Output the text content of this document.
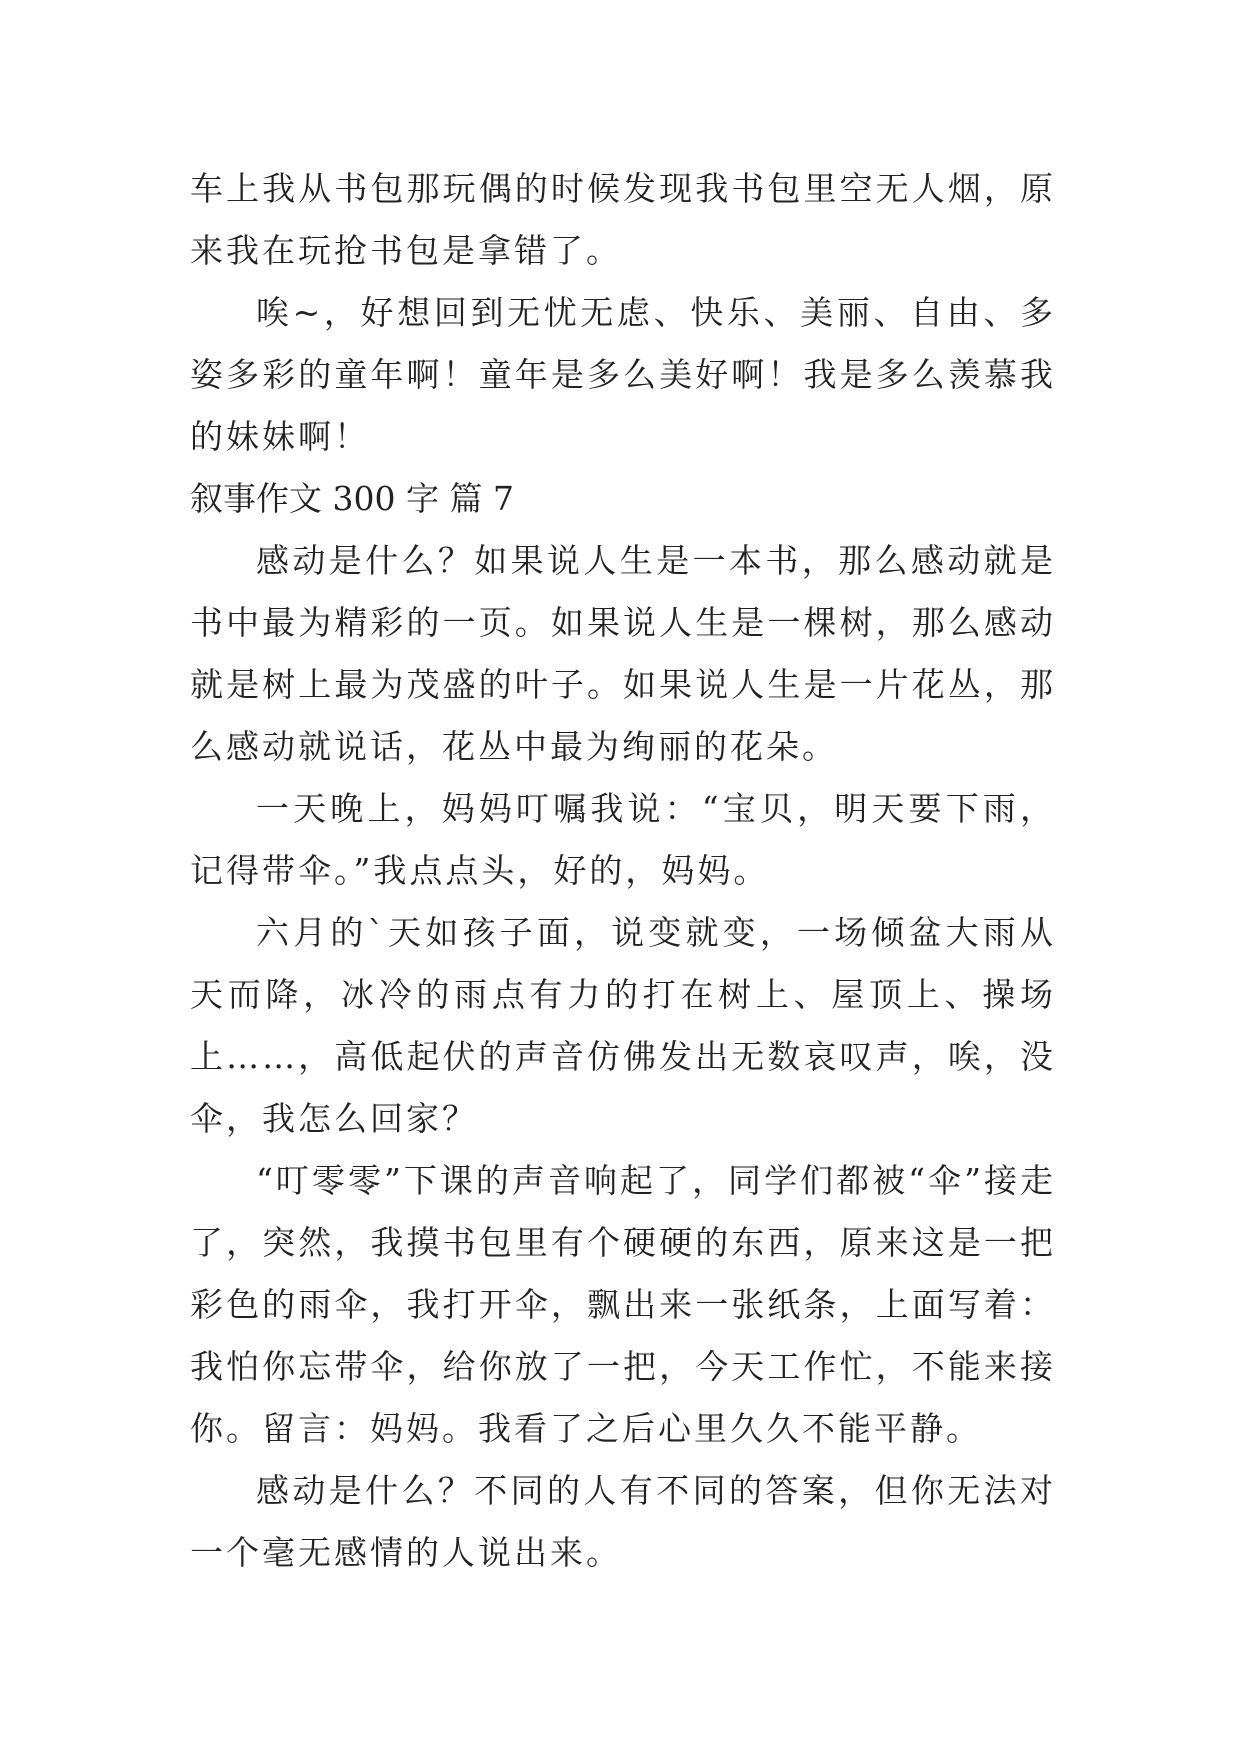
车上我从书包那玩偶的时候发现我书包里空无人烟，原来我在玩抢书包是拿错了。

唉~，好想回到无忧无虑、快乐、美丽、自由、多姿多彩的童年啊！童年是多么美好啊！我是多么羡慕我的妹妹啊！

叙事作文 300 字 篇 7

感动是什么？如果说人生是一本书，那么感动就是书中最为精彩的一页。如果说人生是一棵树，那么感动就是树上最为茂盛的叶子。如果说人生是一片花丛，那么感动就说话，花丛中最为绚丽的花朵。

一天晚上，妈妈叮嘱我说：“宝贝，明天要下雨，记得带伞。”我点点头，好的，妈妈。

六月的`天如孩子面，说变就变，一场倾盆大雨从天而降，冰冷的雨点有力的打在树上、屋顶上、操场上……，高低起伏的声音仿佛发出无数哀叹声，唉，没伞，我怎么回家？

“叮零零”下课的声音响起了，同学们都被“伞”接走了，突然，我摸书包里有个硬硬的东西，原来这是一把彩色的雨伞，我打开伞，飘出来一张纸条，上面写着：我怕你忘带伞，给你放了一把，今天工作忙，不能来接你。留言：妈妈。我看了之后心里久久不能平静。

感动是什么？不同的人有不同的答案，但你无法对一个毫无感情的人说出来。
